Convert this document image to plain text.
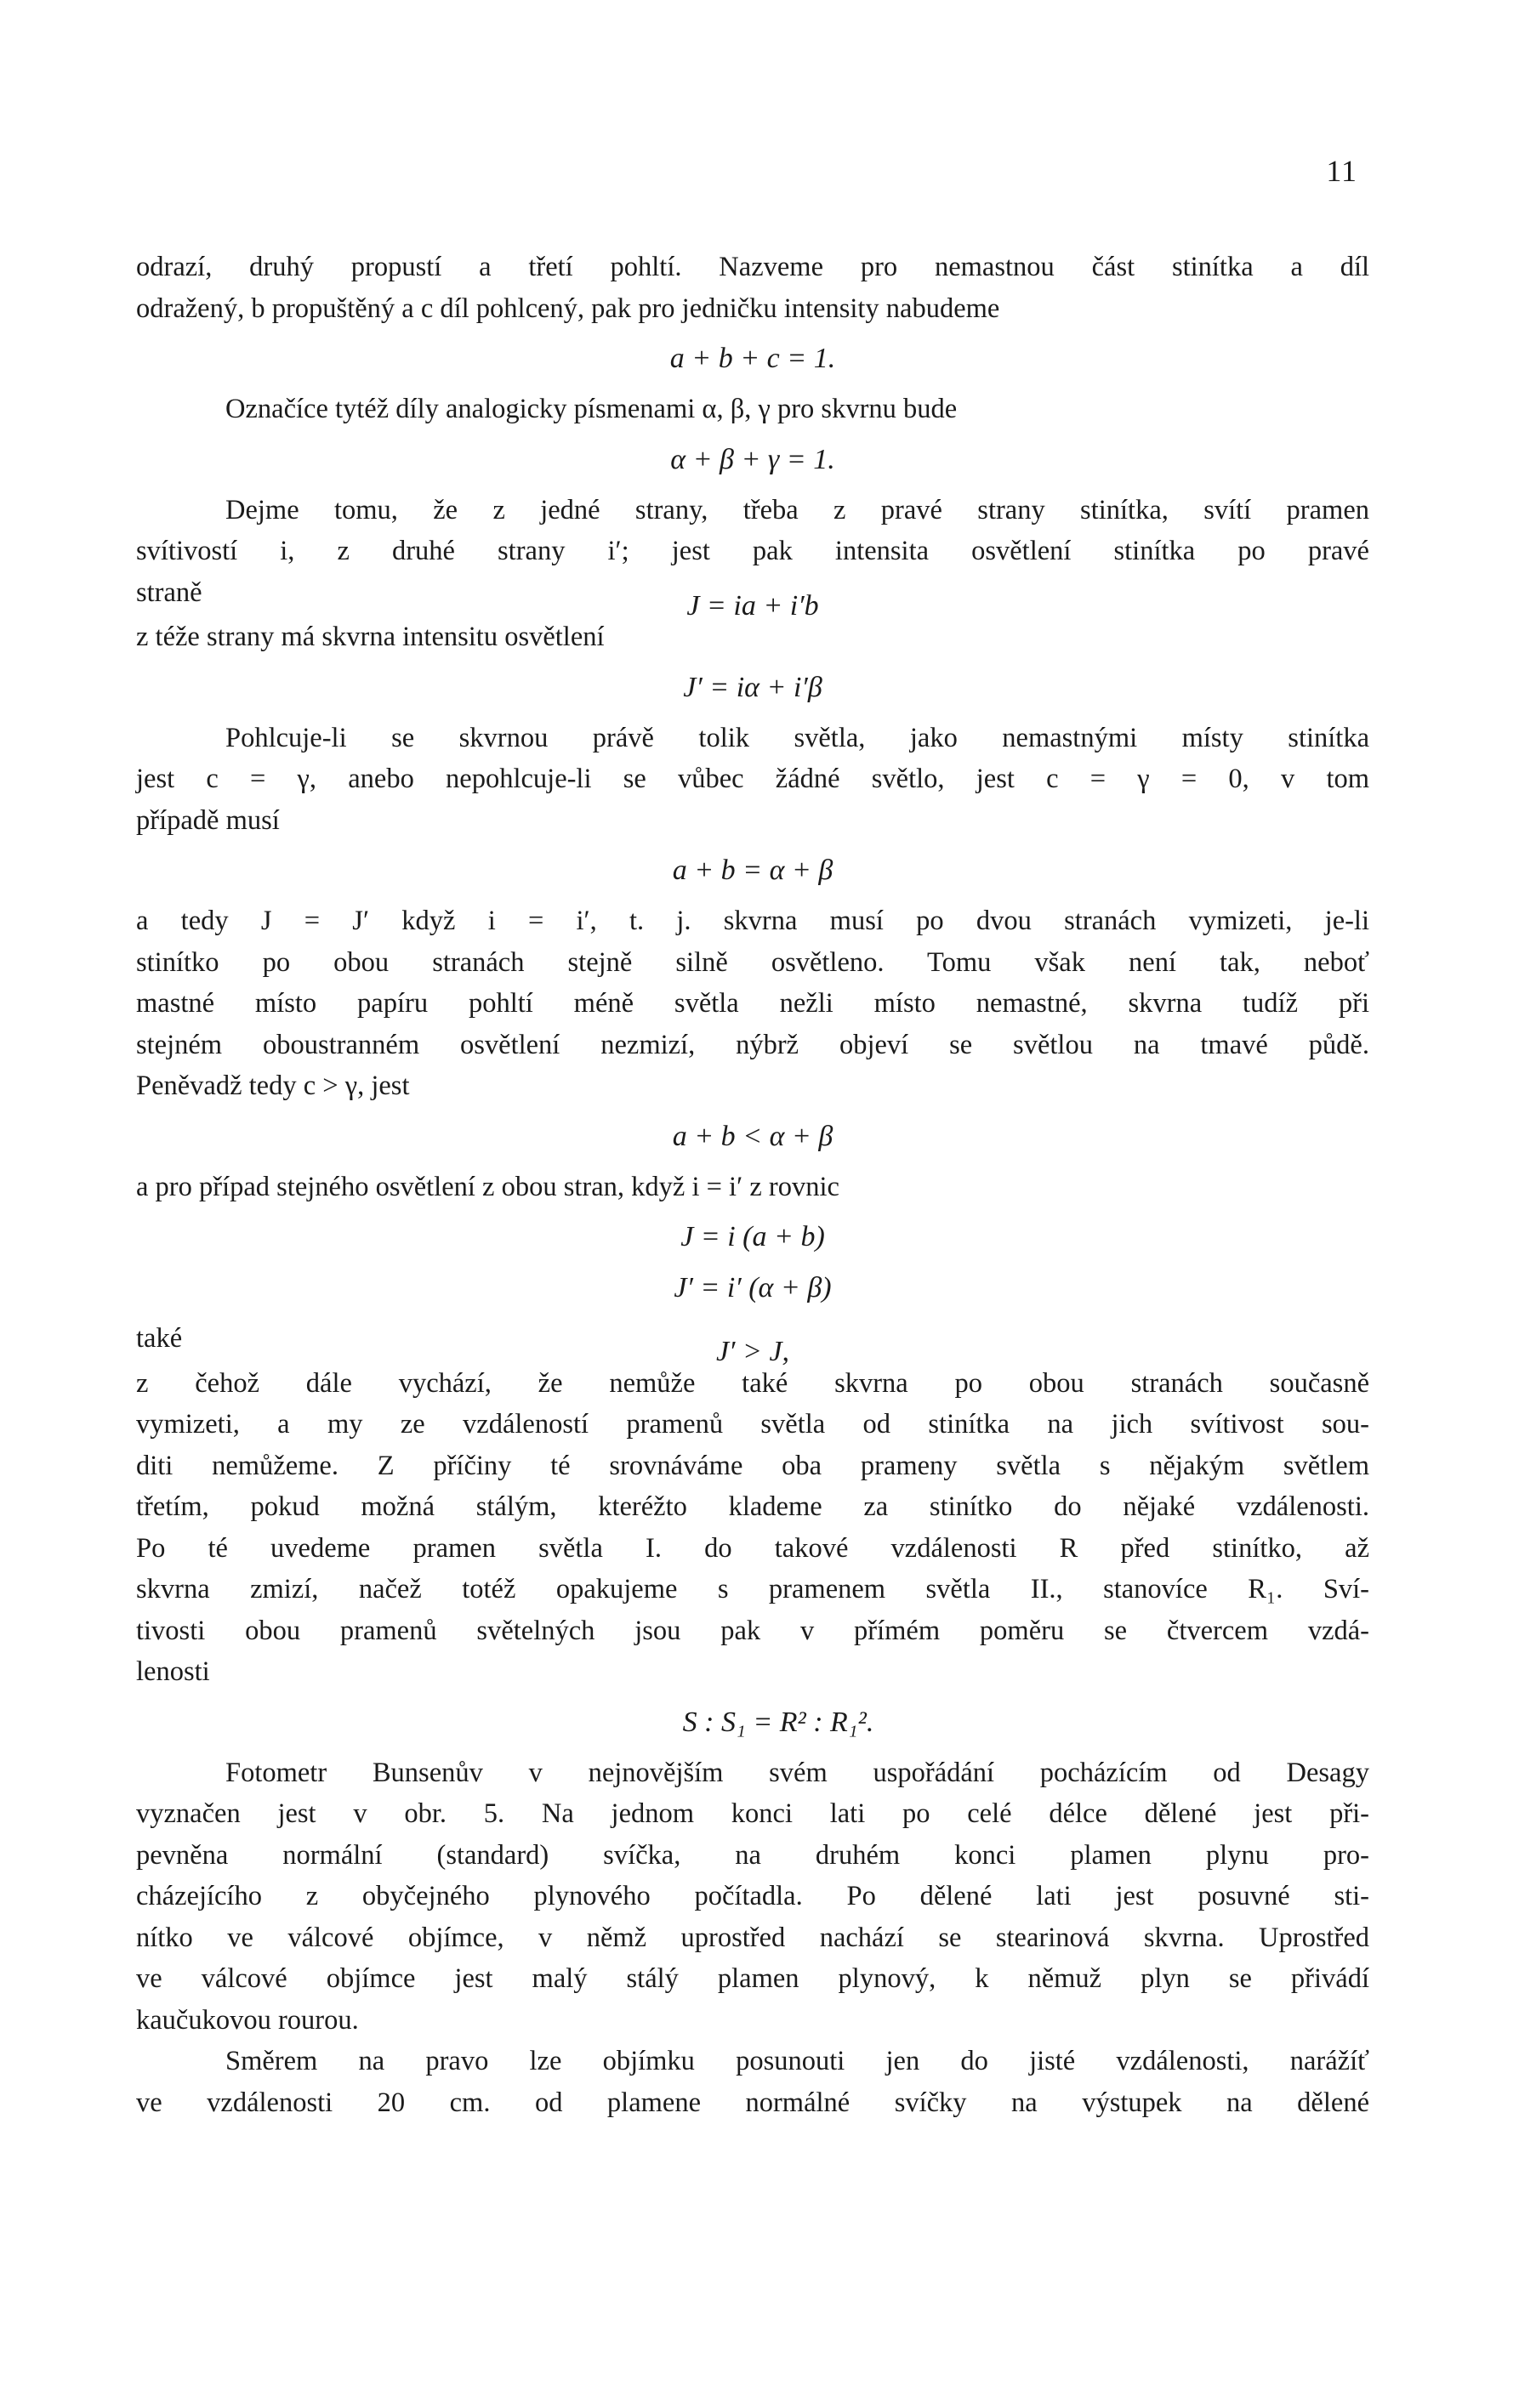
11
odrazí, druhý propustí a třetí pohltí. Nazveme pro nemastnou část stinítka a díl
odražený, b propuštěný a c díl pohlcený, pak pro jedničku intensity nabudeme
a + b + c = 1.
Označíce tytéž díly analogicky písmenami α, β, γ pro skvrnu bude
α + β + γ = 1.
Dejme tomu, že z jedné strany, třeba z pravé strany stinítka, svítí pramen
svítivostí i, z druhé strany i′; jest pak intensita osvětlení stinítka po pravé
straně	J = ia + i′b
z téže strany má skvrna intensitu osvětlení
J′ = iα + i′β
Pohlcuje-li se skvrnou právě tolik světla, jako nemastnými místy stinítka
jest c = γ, anebo nepohlcuje-li se vůbec žádné světlo, jest c = γ = 0, v tom
případě musí
a + b = α + β
a tedy J = J′ když i = i′, t. j. skvrna musí po dvou stranách vymizeti, je-li
stinítko po obou stranách stejně silně osvětleno. Tomu však není tak, neboť
mastné místo papíru pohltí méně světla nežli místo nemastné, skvrna tudíž při
stejném oboustranném osvětlení nezmizí, nýbrž objeví se světlou na tmavé půdě.
Peněvadž tedy c > γ, jest
a + b < α + β
a pro případ stejného osvětlení z obou stran, když i = i′ z rovnic
J = i (a + b)
J′ = i′ (α + β)
také	J′ > J,
z čehož dále vychází, že nemůže také skvrna po obou stranách současně
vymizeti, a my ze vzdáleností pramenů světla od stinítka na jich svítivost sou-
diti nemůžeme. Z příčiny té srovnáváme oba prameny světla s nějakým světlem
třetím, pokud možná stálým, kteréžto klademe za stinítko do nějaké vzdálenosti.
Po té uvedeme pramen světla I. do takové vzdálenosti R před stinítko, až
skvrna zmizí, načež totéž opakujeme s pramenem světla II., stanovíce R₁. Sví-
tivosti obou pramenů světelných jsou pak v přímém poměru se čtvercem vzdá-
lenosti
S : S₁ = R² : R₁².
Fotometr Bunsenův v nejnovějším svém uspořádání pocházícím od Desagy
vyznačen jest v obr. 5. Na jednom konci lati po celé délce dělené jest při-
pevněna normální (standard) svíčka, na druhém konci plamen plynu pro-
cházejícího z obyčejného plynového počítadla. Po dělené lati jest posuvné sti-
nítko ve válcové objímce, v němž uprostřed nachází se stearinová skvrna. Uprostřed
ve válcové objímce jest malý stálý plamen plynový, k němuž plyn se přivádí
kaučukovou rourou.
Směrem na pravo lze objímku posunouti jen do jisté vzdálenosti, narážíť
ve vzdálenosti 20 cm. od plamene normálné svíčky na výstupek na dělené
